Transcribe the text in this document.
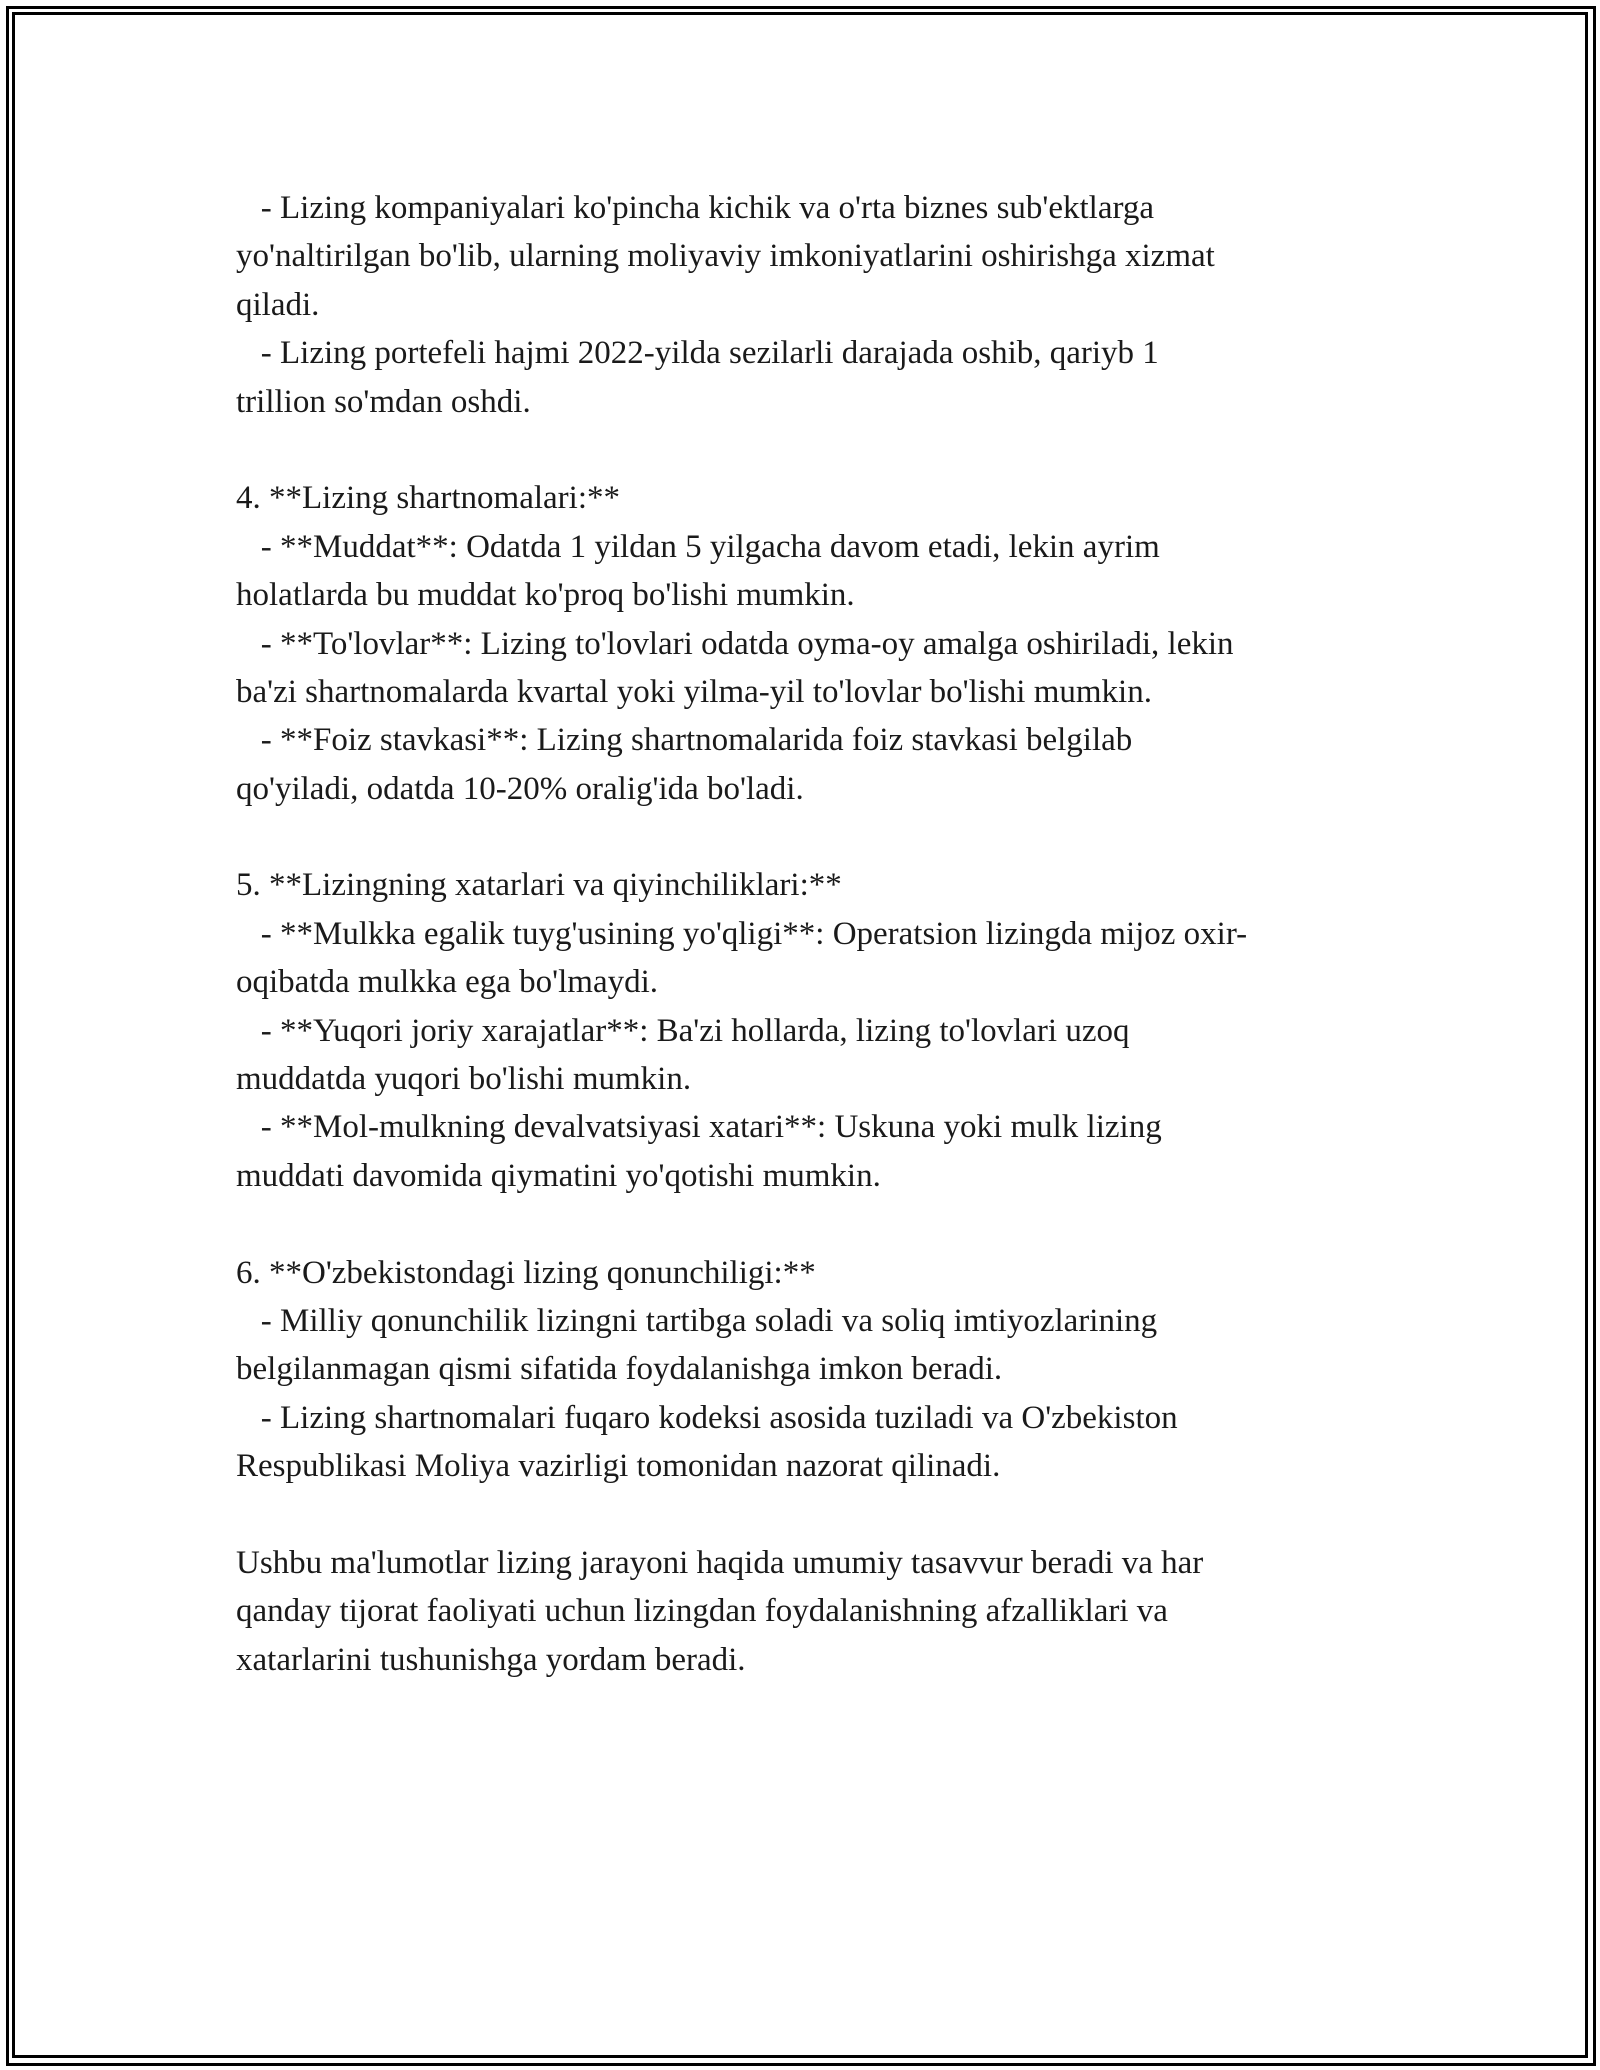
- Lizing kompaniyalari ko'pincha kichik va o'rta biznes sub'ektlarga

yo'naltirilgan bo'lib, ularning moliyaviy imkoniyatlarini oshirishga xizmat

qiladi.

- Lizing portefeli hajmi 2022-yilda sezilarli darajada oshib, qariyb 1

trillion so'mdan oshdi.

4. **Lizing shartnomalari:**

- **Muddat**: Odatda 1 yildan 5 yilgacha davom etadi, lekin ayrim

holatlarda bu muddat ko'proq bo'lishi mumkin.

- **To'lovlar**: Lizing to'lovlari odatda oyma-oy amalga oshiriladi, lekin

ba'zi shartnomalarda kvartal yoki yilma-yil to'lovlar bo'lishi mumkin.

- **Foiz stavkasi**: Lizing shartnomalarida foiz stavkasi belgilab

qo'yiladi, odatda 10-20% oralig'ida bo'ladi.

5. **Lizingning xatarlari va qiyinchiliklari:**

- **Mulkka egalik tuyg'usining yo'qligi**: Operatsion lizingda mijoz oxir-

oqibatda mulkka ega bo'lmaydi.

- **Yuqori joriy xarajatlar**: Ba'zi hollarda, lizing to'lovlari uzoq

muddatda yuqori bo'lishi mumkin.

- **Mol-mulkning devalvatsiyasi xatari**: Uskuna yoki mulk lizing

muddati davomida qiymatini yo'qotishi mumkin.

6. **O'zbekistondagi lizing qonunchiligi:**

- Milliy qonunchilik lizingni tartibga soladi va soliq imtiyozlarining

belgilanmagan qismi sifatida foydalanishga imkon beradi.

- Lizing shartnomalari fuqaro kodeksi asosida tuziladi va O'zbekiston

Respublikasi Moliya vazirligi tomonidan nazorat qilinadi.

Ushbu ma'lumotlar lizing jarayoni haqida umumiy tasavvur beradi va har

qanday tijorat faoliyati uchun lizingdan foydalanishning afzalliklari va

xatarlarini tushunishga yordam beradi.
